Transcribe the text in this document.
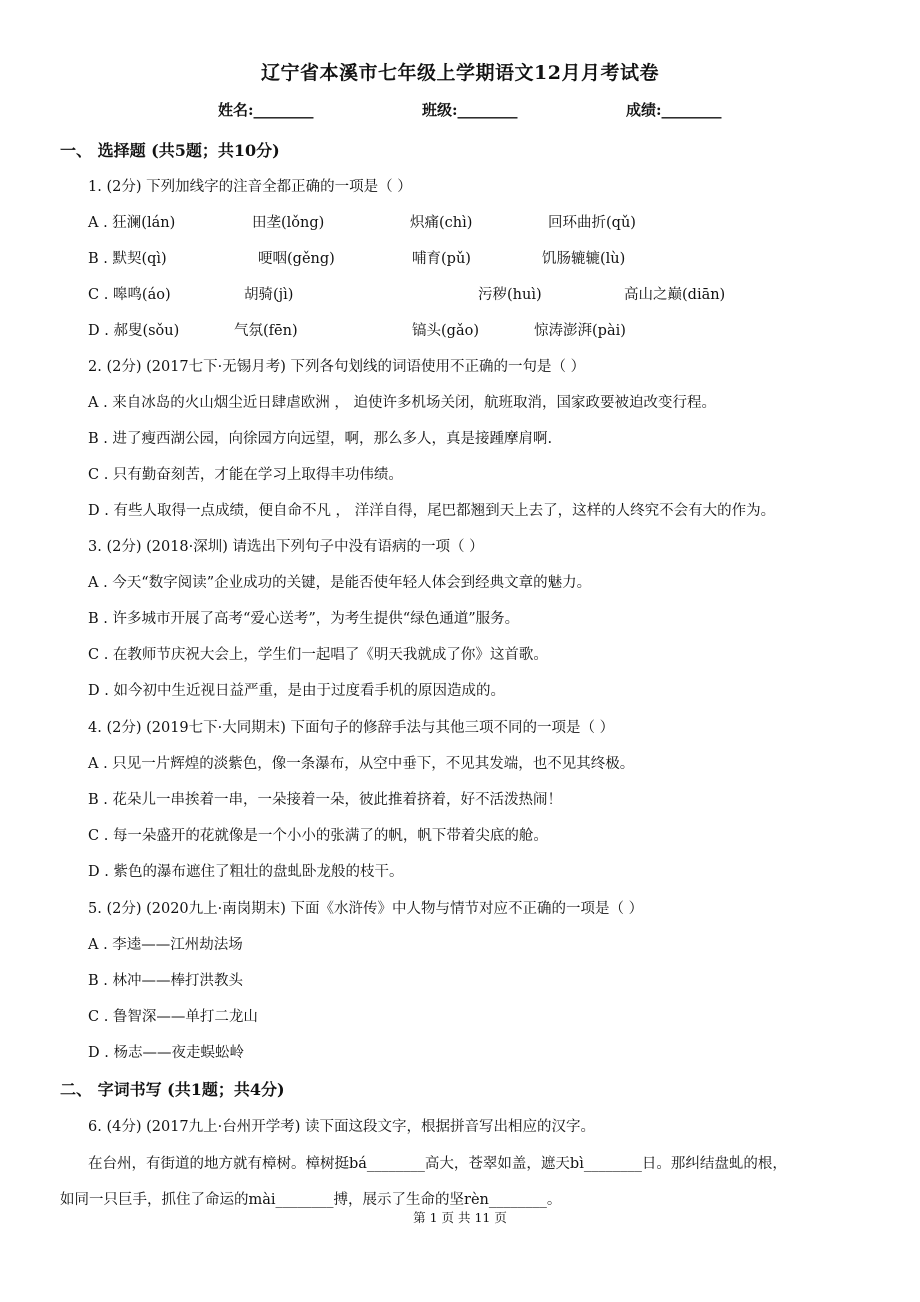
辽宁省本溪市七年级上学期语文12月月考试卷
姓名:________	班级:________	成绩:________
一、 选择题 (共5题；共10分)
1. (2分) 下列加线字的注音全都正确的一项是（ ）
A . 狂澜(lán)	田垄(lǒng)	炽痛(chì)	回环曲折(qǔ)
B . 默契(qì)	哽咽(gěng)	哺育(pǔ)	饥肠辘辘(lù)
C . 嗥鸣(áo)	胡骑(jì)	污秽(huì)	高山之巅(diān)
D . 郝叟(sǒu)	气氛(fēn)	镐头(gǎo)	惊涛澎湃(pài)
2. (2分) (2017七下·无锡月考) 下列各句划线的词语使用不正确的一句是（ ）
A . 来自冰岛的火山烟尘近日肆虐欧洲 ， 迫使许多机场关闭，航班取消，国家政要被迫改变行程。
B . 进了瘦西湖公园，向徐园方向远望，啊，那么多人，真是接踵摩肩啊.
C . 只有勤奋刻苦，才能在学习上取得丰功伟绩。
D . 有些人取得一点成绩，便自命不凡 ， 洋洋自得，尾巴都翘到天上去了，这样的人终究不会有大的作为。
3. (2分) (2018·深圳) 请选出下列句子中没有语病的一项（ ）
A . 今天“数字阅读”企业成功的关键，是能否使年轻人体会到经典文章的魅力。
B . 许多城市开展了高考“爱心送考”，为考生提供“绿色通道”服务。
C . 在教师节庆祝大会上，学生们一起唱了《明天我就成了你》这首歌。
D . 如今初中生近视日益严重，是由于过度看手机的原因造成的。
4. (2分) (2019七下·大同期末) 下面句子的修辞手法与其他三项不同的一项是（ ）
A . 只见一片辉煌的淡紫色，像一条瀑布，从空中垂下，不见其发端，也不见其终极。
B . 花朵儿一串挨着一串，一朵接着一朵，彼此推着挤着，好不活泼热闹！
C . 每一朵盛开的花就像是一个小小的张满了的帆，帆下带着尖底的舱。
D . 紫色的瀑布遮住了粗壮的盘虬卧龙般的枝干。
5. (2分) (2020九上·南岗期末) 下面《水浒传》中人物与情节对应不正确的一项是（ ）
A . 李逵——江州劫法场
B . 林冲——棒打洪教头
C . 鲁智深——单打二龙山
D . 杨志——夜走蜈蚣岭
二、 字词书写 (共1题；共4分)
6. (4分) (2017九上·台州开学考) 读下面这段文字，根据拼音写出相应的汉字。
在台州，有街道的地方就有樟树。樟树挺bá________高大，苍翠如盖，遮天bì________日。那纠结盘虬的根，
如同一只巨手，抓住了命运的mài________搏，展示了生命的坚rèn________。
第 1 页 共 11 页
